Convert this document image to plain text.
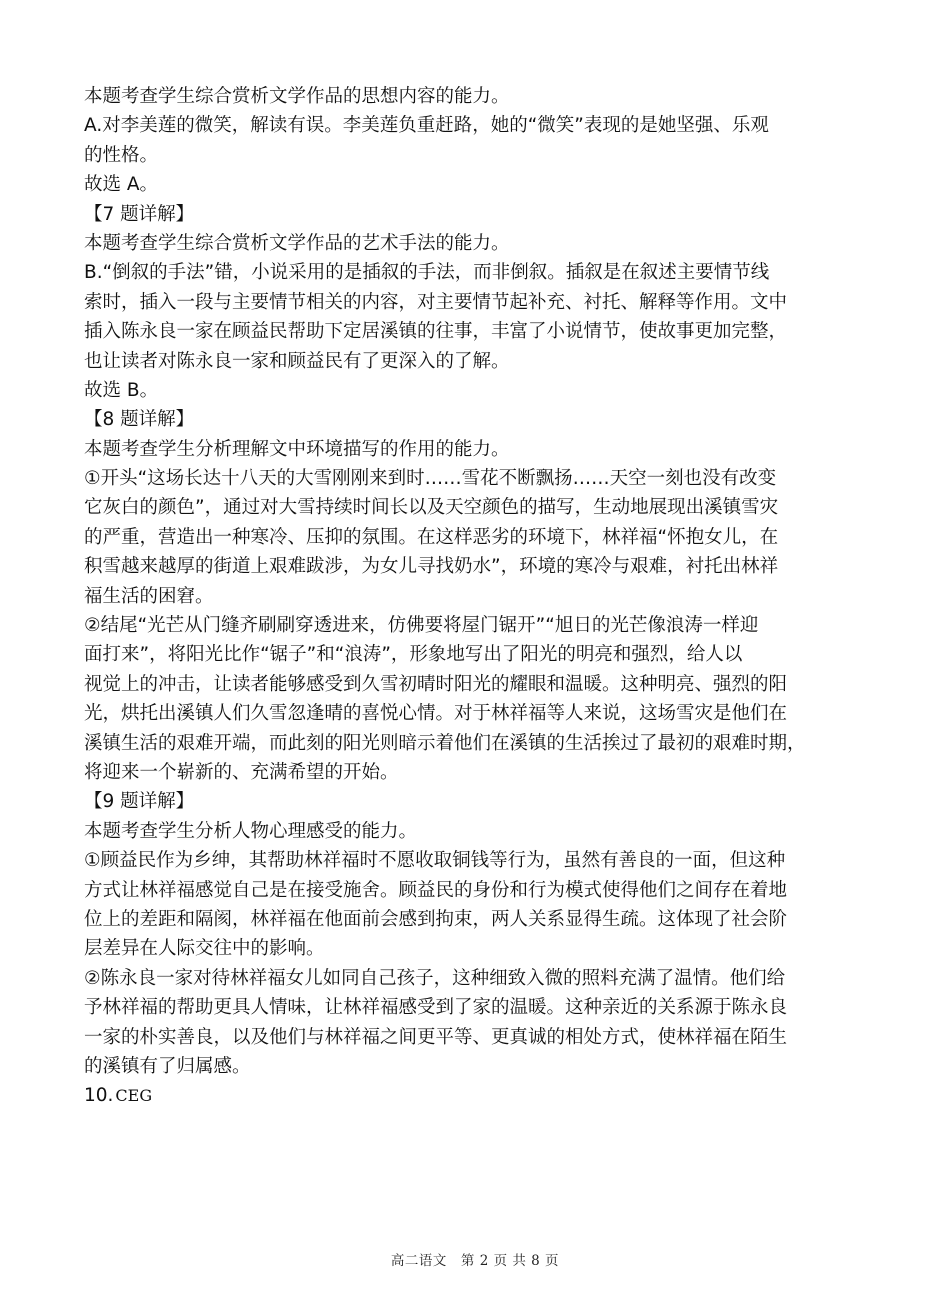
本题考查学生综合赏析文学作品的思想内容的能力。
A.对李美莲的微笑，解读有误。李美莲负重赶路，她的“微笑”表现的是她坚强、乐观
的性格。
故选 A。
【7 题详解】
本题考查学生综合赏析文学作品的艺术手法的能力。
B.“倒叙的手法”错，小说采用的是插叙的手法，而非倒叙。插叙是在叙述主要情节线
索时，插入一段与主要情节相关的内容，对主要情节起补充、衬托、解释等作用。文中
插入陈永良一家在顾益民帮助下定居溪镇的往事，丰富了小说情节，使故事更加完整，
也让读者对陈永良一家和顾益民有了更深入的了解。
故选 B。
【8 题详解】
本题考查学生分析理解文中环境描写的作用的能力。
①开头“这场长达十八天的大雪刚刚来到时……雪花不断飘扬……天空一刻也没有改变
它灰白的颜色”，通过对大雪持续时间长以及天空颜色的描写，生动地展现出溪镇雪灾
的严重，营造出一种寒冷、压抑的氛围。在这样恶劣的环境下，林祥福“怀抱女儿，在
积雪越来越厚的街道上艰难跋涉，为女儿寻找奶水”，环境的寒冷与艰难，衬托出林祥
福生活的困窘。
②结尾“光芒从门缝齐刷刷穿透进来，仿佛要将屋门锯开”“旭日的光芒像浪涛一样迎
面打来”，将阳光比作“锯子”和“浪涛”，形象地写出了阳光的明亮和强烈，给人以
视觉上的冲击，让读者能够感受到久雪初晴时阳光的耀眼和温暖。这种明亮、强烈的阳
光，烘托出溪镇人们久雪忽逢晴的喜悦心情。对于林祥福等人来说，这场雪灾是他们在
溪镇生活的艰难开端，而此刻的阳光则暗示着他们在溪镇的生活挨过了最初的艰难时期，
将迎来一个崭新的、充满希望的开始。
【9 题详解】
本题考查学生分析人物心理感受的能力。
①顾益民作为乡绅，其帮助林祥福时不愿收取铜钱等行为，虽然有善良的一面，但这种
方式让林祥福感觉自己是在接受施舍。顾益民的身份和行为模式使得他们之间存在着地
位上的差距和隔阂，林祥福在他面前会感到拘束，两人关系显得生疏。这体现了社会阶
层差异在人际交往中的影响。
②陈永良一家对待林祥福女儿如同自己孩子，这种细致入微的照料充满了温情。他们给
予林祥福的帮助更具人情味，让林祥福感受到了家的温暖。这种亲近的关系源于陈永良
一家的朴实善良，以及他们与林祥福之间更平等、更真诚的相处方式，使林祥福在陌生
的溪镇有了归属感。
10. CEG
高二语文　第 2 页 共 8 页
